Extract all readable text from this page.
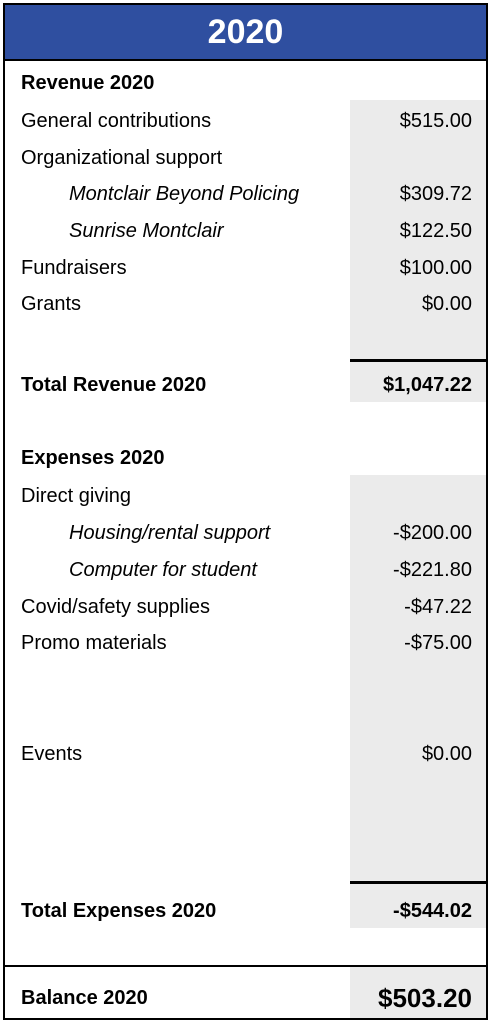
2020
Revenue 2020
General contributions	$515.00
Organizational support
Montclair Beyond Policing	$309.72
Sunrise Montclair	$122.50
Fundraisers	$100.00
Grants	$0.00
Total Revenue 2020	$1,047.22
Expenses 2020
Direct giving
Housing/rental support	-$200.00
Computer for student	-$221.80
Covid/safety supplies	-$47.22
Promo materials	-$75.00
Events	$0.00
Total Expenses 2020	-$544.02
Balance 2020	$503.20
